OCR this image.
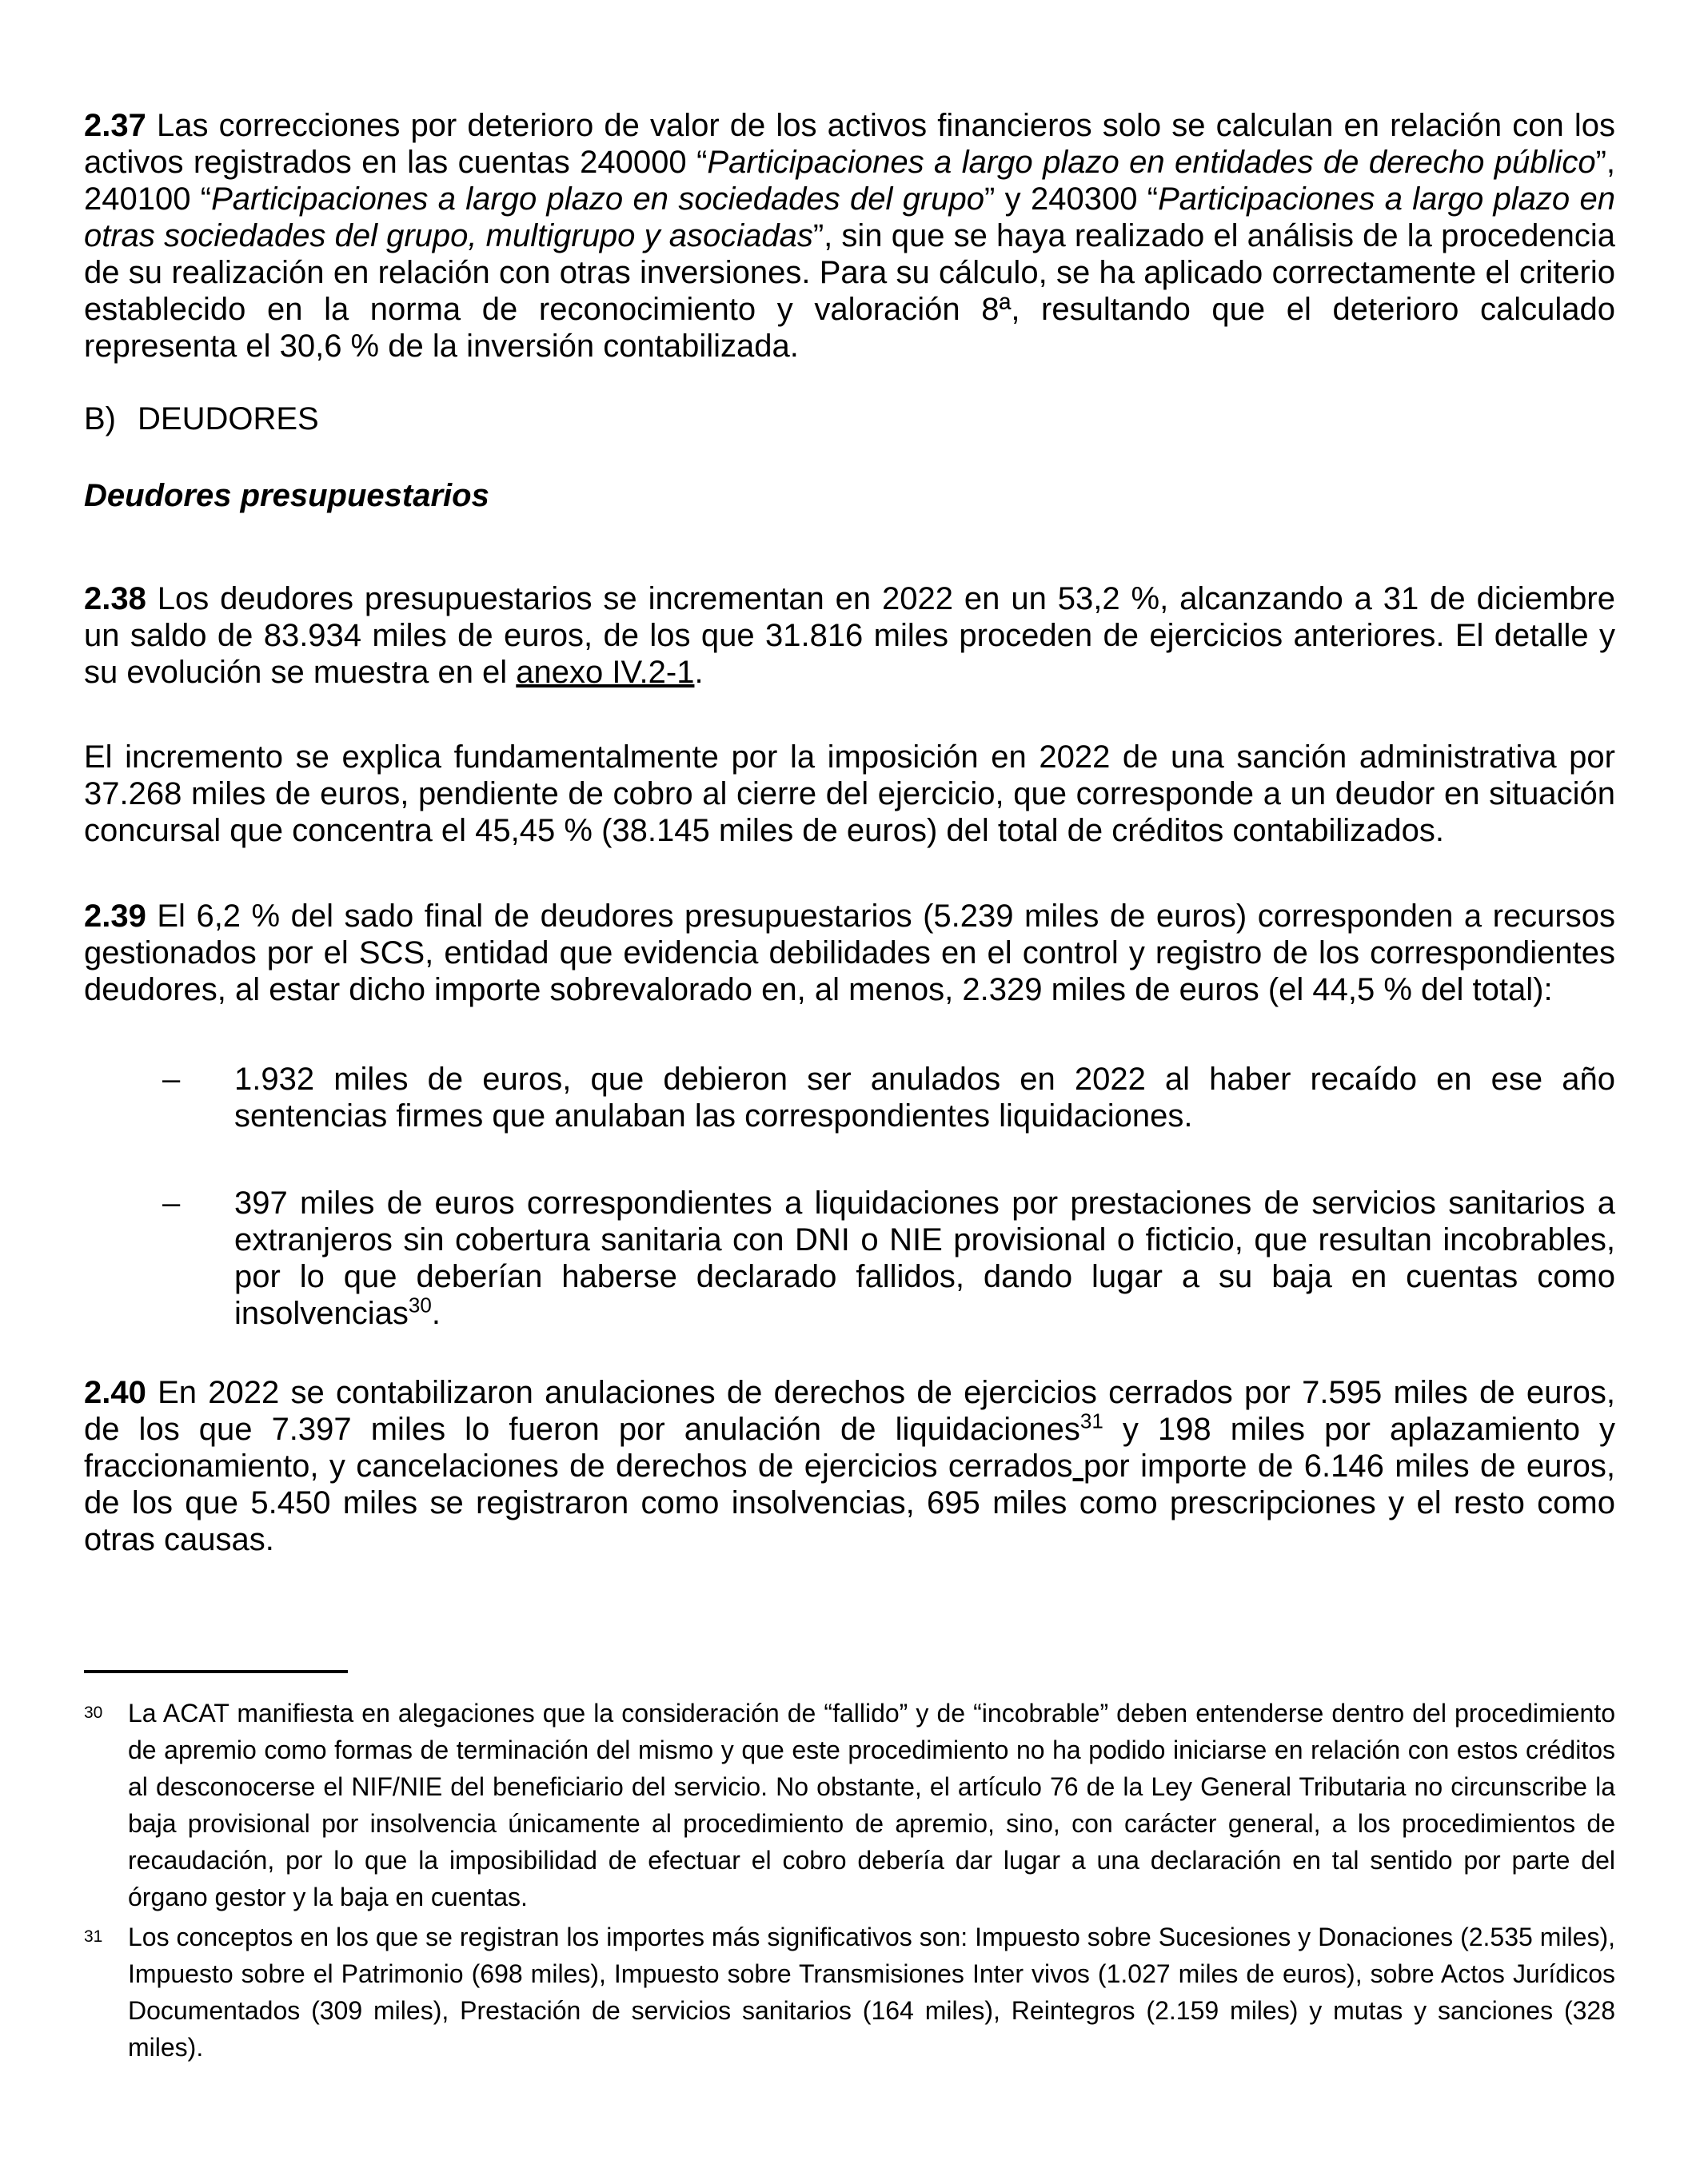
2.37 Las correcciones por deterioro de valor de los activos financieros solo se calculan en relación con los activos registrados en las cuentas 240000 “Participaciones a largo plazo en entidades de derecho público”, 240100 “Participaciones a largo plazo en sociedades del grupo” y 240300 “Participaciones a largo plazo en otras sociedades del grupo, multigrupo y asociadas”, sin que se haya realizado el análisis de la procedencia de su realización en relación con otras inversiones. Para su cálculo, se ha aplicado correctamente el criterio establecido en la norma de reconocimiento y valoración 8ª, resultando que el deterioro calculado representa el 30,6 % de la inversión contabilizada.

B) DEUDORES

Deudores presupuestarios

2.38 Los deudores presupuestarios se incrementan en 2022 en un 53,2 %, alcanzando a 31 de diciembre un saldo de 83.934 miles de euros, de los que 31.816 miles proceden de ejercicios anteriores. El detalle y su evolución se muestra en el anexo IV.2-1.

El incremento se explica fundamentalmente por la imposición en 2022 de una sanción administrativa por 37.268 miles de euros, pendiente de cobro al cierre del ejercicio, que corresponde a un deudor en situación concursal que concentra el 45,45 % (38.145 miles de euros) del total de créditos contabilizados.

2.39 El 6,2 % del sado final de deudores presupuestarios (5.239 miles de euros) corresponden a recursos gestionados por el SCS, entidad que evidencia debilidades en el control y registro de los correspondientes deudores, al estar dicho importe sobrevalorado en, al menos, 2.329 miles de euros (el 44,5 % del total):

–	1.932 miles de euros, que debieron ser anulados en 2022 al haber recaído en ese año sentencias firmes que anulaban las correspondientes liquidaciones.
–	397 miles de euros correspondientes a liquidaciones por prestaciones de servicios sanitarios a extranjeros sin cobertura sanitaria con DNI o NIE provisional o ficticio, que resultan incobrables, por lo que deberían haberse declarado fallidos, dando lugar a su baja en cuentas como insolvencias$^{30}$.

2.40 En 2022 se contabilizaron anulaciones de derechos de ejercicios cerrados por 7.595 miles de euros, de los que 7.397 miles lo fueron por anulación de liquidaciones$^{31}$ y 198 miles por aplazamiento y fraccionamiento, y cancelaciones de derechos de ejercicios cerrados por importe de 6.146 miles de euros, de los que 5.450 miles se registraron como insolvencias, 695 miles como prescripciones y el resto como otras causas.

30 La ACAT manifiesta en alegaciones que la consideración de “fallido” y de “incobrable” deben entenderse dentro del procedimiento de apremio como formas de terminación del mismo y que este procedimiento no ha podido iniciarse en relación con estos créditos al desconocerse el NIF/NIE del beneficiario del servicio. No obstante, el artículo 76 de la Ley General Tributaria no circunscribe la baja provisional por insolvencia únicamente al procedimiento de apremio, sino, con carácter general, a los procedimientos de recaudación, por lo que la imposibilidad de efectuar el cobro debería dar lugar a una declaración en tal sentido por parte del órgano gestor y la baja en cuentas.
31 Los conceptos en los que se registran los importes más significativos son: Impuesto sobre Sucesiones y Donaciones (2.535 miles), Impuesto sobre el Patrimonio (698 miles), Impuesto sobre Transmisiones Inter vivos (1.027 miles de euros), sobre Actos Jurídicos Documentados (309 miles), Prestación de servicios sanitarios (164 miles), Reintegros (2.159 miles) y mutas y sanciones (328 miles).
